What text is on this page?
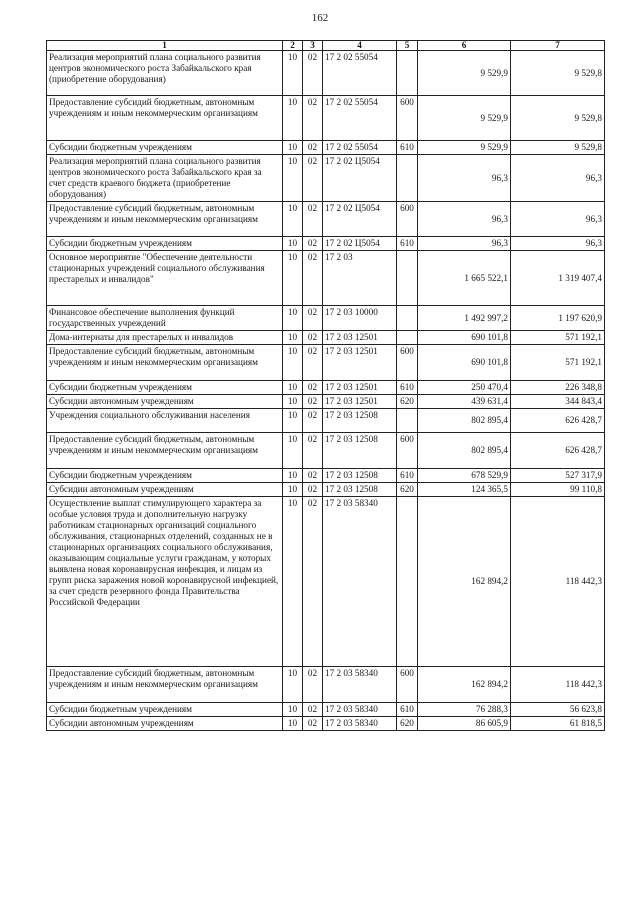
162
1	2	3	4	5	6	7
Реализация мероприятий плана социального развития центров экономического роста Забайкальского края (приобретение оборудования)	10	02	17 2 02 55054		9 529,9	9 529,8
Предоставление субсидий бюджетным, автономным учреждениям и иным некоммерческим организациям	10	02	17 2 02 55054	600	9 529,9	9 529,8
Субсидии бюджетным учреждениям	10	02	17 2 02 55054	610	9 529,9	9 529,8
Реализация мероприятий плана социального развития центров экономического роста Забайкальского края за счет средств краевого бюджета (приобретение оборудования)	10	02	17 2 02 Ц5054		96,3	96,3
Предоставление субсидий бюджетным, автономным учреждениям и иным некоммерческим организациям	10	02	17 2 02 Ц5054	600	96,3	96,3
Субсидии бюджетным учреждениям	10	02	17 2 02 Ц5054	610	96,3	96,3
Основное мероприятие "Обеспечение деятельности стационарных учреждений социального обслуживания престарелых и инвалидов"	10	02	17 2 03		1 665 522,1	1 319 407,4
Финансовое обеспечение выполнения функций государственных учреждений	10	02	17 2 03 10000		1 492 997,2	1 197 620,9
Дома-интернаты для престарелых и инвалидов	10	02	17 2 03 12501		690 101,8	571 192,1
Предоставление субсидий бюджетным, автономным учреждениям и иным некоммерческим организациям	10	02	17 2 03 12501	600	690 101,8	571 192,1
Субсидии бюджетным учреждениям	10	02	17 2 03 12501	610	250 470,4	226 348,8
Субсидии автономным учреждениям	10	02	17 2 03 12501	620	439 631,4	344 843,4
Учреждения социального обслуживания населения	10	02	17 2 03 12508		802 895,4	626 428,7
Предоставление субсидий бюджетным, автономным учреждениям и иным некоммерческим организациям	10	02	17 2 03 12508	600	802 895,4	626 428,7
Субсидии бюджетным учреждениям	10	02	17 2 03 12508	610	678 529,9	527 317,9
Субсидии автономным учреждениям	10	02	17 2 03 12508	620	124 365,5	99 110,8
Осуществление выплат стимулирующего характера за особые условия труда и дополнительную нагрузку работникам стационарных организаций социального обслуживания, стационарных отделений, созданных не в стационарных организациях социального обслуживания, оказывающим социальные услуги гражданам, у которых выявлена новая коронавирусная инфекция, и лицам из групп риска заражения новой коронавирусной инфекцией, за счет средств резервного фонда Правительства Российской Федерации	10	02	17 2 03 58340		162 894,2	118 442,3
Предоставление субсидий бюджетным, автономным учреждениям и иным некоммерческим организациям	10	02	17 2 03 58340	600	162 894,2	118 442,3
Субсидии бюджетным учреждениям	10	02	17 2 03 58340	610	76 288,3	56 623,8
Субсидии автономным учреждениям	10	02	17 2 03 58340	620	86 605,9	61 818,5
